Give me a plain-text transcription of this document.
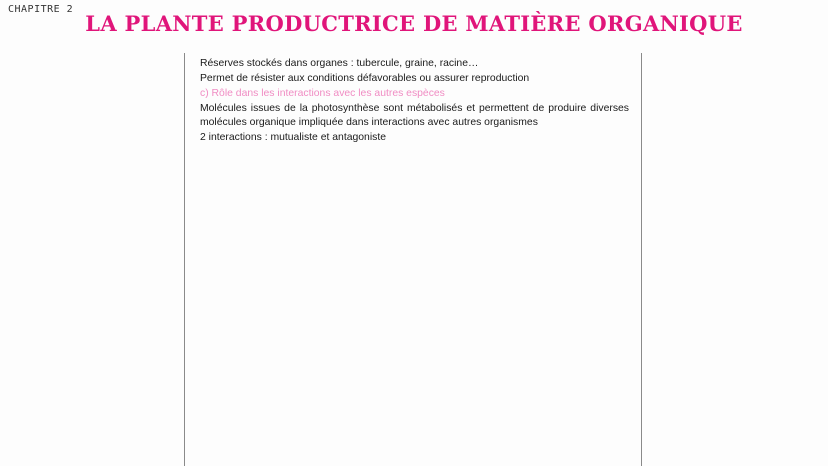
CHAPITRE 2
LA PLANTE PRODUCTRICE DE MATIÈRE ORGANIQUE

Réserves stockés dans organes : tubercule, graine, racine…

Permet de résister aux conditions défavorables ou assurer reproduction

c) Rôle dans les interactions avec les autres espèces

Molécules issues de la photosynthèse sont métabolisés et permettent de produire diverses molécules organique impliquée dans interactions avec autres organismes

2 interactions : mutualiste et antagoniste
